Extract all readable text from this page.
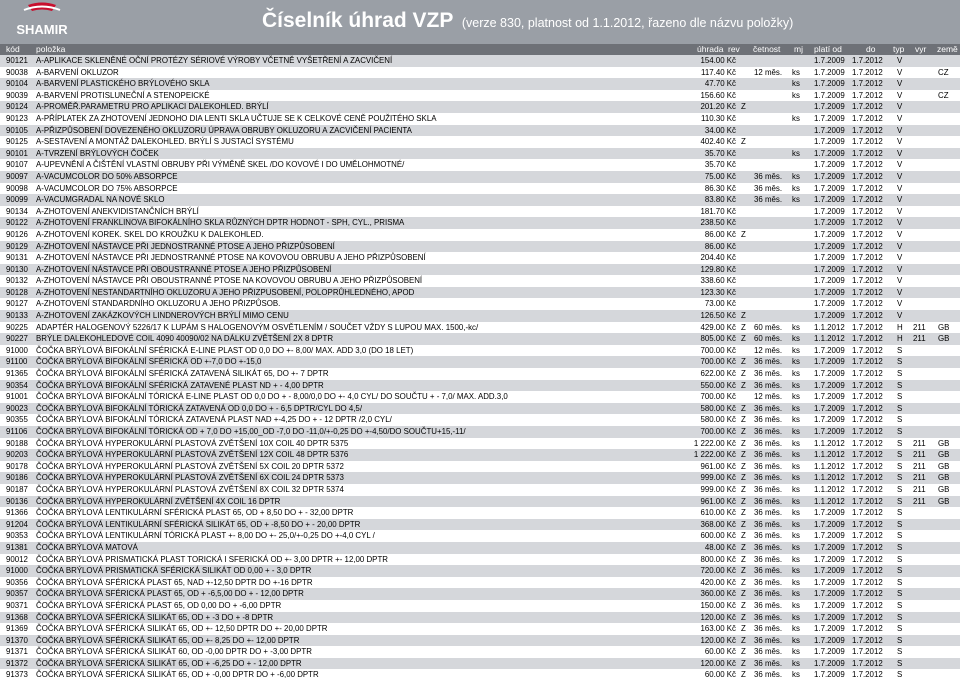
SHAMIR	Číselník úhrad VZP (verze 830, platnost od 1.1.2012, řazeno dle názvu položky)
kód položka	úhrada rev četnost mj platí od	do typ vyr země
90121 A-APLIKACE SKLENĚNÉ OČNÍ PROTÉZY SÉRIOVÉ VÝROBY VČETNĚ VYŠETŘENÍ A ZACVIČENÍ	154.00 Kč	1.7.2009 1.7.2012 V
90038 A-BARVENÍ OKLUZOR	117.40 Kč 12 měs. ks 1.7.2009 1.7.2012 V	CZ
90104 A-BARVENÍ PLASTICKÉHO BRÝLOVÉHO SKLA	47.70 Kč	ks 1.7.2009 1.7.2012 V
90039 A-BARVENÍ PROTISLUNEČNÍ A STENOPEICKÉ	156.60 Kč	ks 1.7.2009 1.7.2012 V	CZ
90124 A-PROMĚŘ.PARAMETRU PRO APLIKACI DALEKOHLED. BRÝLÍ	201.20 Kč Z	1.7.2009 1.7.2012 V
90123 A-PŘÍPLATEK ZA ZHOTOVENÍ JEDNOHO DIA LENTI SKLA UČTUJE SE K CELKOVÉ CENĚ POUŽITÉHO SKLA	110.30 Kč	ks 1.7.2009 1.7.2012 V
90105 A-PŘIZPŮSOBENÍ DOVEZENÉHO OKLUZORU ÚPRAVA OBRUBY OKLUZORU A ZACVIČENÍ PACIENTA	34.00 Kč	1.7.2009 1.7.2012 V
90125 A-SESTAVENÍ A MONTÁŽ DALEKOHLED. BRÝLÍ S JUSTACÍ SYSTÉMU	402.40 Kč Z	1.7.2009 1.7.2012 V
90101 A-TVRZENÍ BRÝLOVÝCH ČOČEK	35.70 Kč	ks 1.7.2009 1.7.2012 V
90107 A-UPEVNĚNÍ A ČIŠTĚNÍ VLASTNÍ OBRUBY PŘI VÝMĚNĚ SKEL /DO KOVOVÉ I DO UMĚLOHMOTNÉ/	35.70 Kč	1.7.2009 1.7.2012 V
90097 A-VACUMCOLOR DO 50% ABSORPCE	75.00 Kč 36 měs. ks 1.7.2009 1.7.2012 V
90098 A-VACUMCOLOR DO 75% ABSORPCE	86.30 Kč 36 měs. ks 1.7.2009 1.7.2012 V
90099 A-VACUMGRADAL NA NOVÉ SKLO	83.80 Kč 36 měs. ks 1.7.2009 1.7.2012 V
90134 A-ZHOTOVENÍ ANEKVIDISTANČNÍCH BRÝLÍ	181.70 Kč	1.7.2009 1.7.2012 V
90122 A-ZHOTOVENÍ FRANKLINOVA BIFOKÁLNÍHO SKLA RŮZNÝCH DPTR HODNOT - SPH, CYL., PRISMA	238.50 Kč	1.7.2009 1.7.2012 V
90126 A-ZHOTOVENÍ KOREK. SKEL DO KROUŽKU K DALEKOHLED.	86.00 Kč Z	1.7.2009 1.7.2012 V
90129 A-ZHOTOVENÍ NÁSTAVCE PŘI JEDNOSTRANNÉ PTOSE A JEHO PŘIZPŮSOBENÍ	86.00 Kč	1.7.2009 1.7.2012 V
90131 A-ZHOTOVENÍ NÁSTAVCE PŘI JEDNOSTRANNÉ PTOSE NA KOVOVOU OBRUBU A JEHO PŘIZPŮSOBENÍ	204.40 Kč	1.7.2009 1.7.2012 V
90130 A-ZHOTOVENÍ NÁSTAVCE PŘI OBOUSTRANNÉ PTOSE A JEHO PŘIZPŮSOBENÍ	129.80 Kč	1.7.2009 1.7.2012 V
90132 A-ZHOTOVENÍ NÁSTAVCE PŘI OBOUSTRANNÉ PTOSE NA KOVOVOU OBRUBU A JEHO PŘIZPŮSOBENÍ	338.60 Kč	1.7.2009 1.7.2012 V
90128 A-ZHOTOVENÍ NESTANDARTNÍHO OKLUZORU A JEHO PŘIZPUSOBENÍ, POLOPRŮHLEDNÉHO, APOD	123.30 Kč	1.7.2009 1.7.2012 V
90127 A-ZHOTOVENÍ STANDARDNÍHO OKLUZORU A JEHO PŘIZPŮSOB.	73.00 Kč	1.7.2009 1.7.2012 V
90133 A-ZHOTOVENÍ ZAKÁZKOVÝCH LINDNEROVÝCH BRÝLÍ MIMO CENU	126.50 Kč Z	1.7.2009 1.7.2012 V
90225 ADAPTÉR HALOGENOVÝ 5226/17 K LUPÁM S HALOGENOVÝM OSVĚTLENÍM / SOUČET VŽDY S LUPOU MAX. 1500,-kc/	429.00 Kč Z 60 měs. ks 1.1.2012 1.7.2012 H 211 GB
90227 BRÝLE DALEKOHLEDOVÉ COIL 4090 40090/02 NA DÁLKU ZVĚTŠENÍ 2X 8 DPTR	805.00 Kč Z 60 měs. ks 1.1.2012 1.7.2012 H 211 GB
91000 ČOČKA BRÝLOVÁ BIFOKÁLNÍ SFÉRICKÁ E-LINE PLAST OD 0,0 DO +- 8,00/ MAX. ADD 3,0 (DO 18 LET)	700.00 Kč 12 měs. ks 1.7.2009 1.7.2012 S
91100 ČOČKA BRÝLOVÁ BIFOKÁLNÍ SFÉRICKÁ OD +-7,0 DO +-15,0	700.00 Kč Z 36 měs. ks 1.7.2009 1.7.2012 S
91365 ČOČKA BRÝLOVÁ BIFOKÁLNÍ SFÉRICKÁ ZATAVENÁ SILIKÁT 65, DO +- 7 DPTR	622.00 Kč Z 36 měs. ks 1.7.2009 1.7.2012 S
90354 ČOČKA BRÝLOVÁ BIFOKÁLNÍ SFÉRICKÁ ZATAVENÉ PLAST ND + - 4,00 DPTR	550.00 Kč Z 36 měs. ks 1.7.2009 1.7.2012 S
91001 ČOČKA BRÝLOVÁ BIFOKÁLNÍ TÓRICKÁ E-LINE PLAST OD 0,0 DO + - 8,00/0,0 DO +- 4,0 CYL/ DO SOUČTU + - 7,0/ MAX. ADD.3,0	700.00 Kč 12 měs. ks 1.7.2009 1.7.2012 S
90023 ČOČKA BRÝLOVÁ BIFOKÁLNÍ TÓRICKÁ ZATAVENÁ OD 0,0 DO + - 6,5 DPTR/CYL DO 4,5/	580.00 Kč Z 36 měs. ks 1.7.2009 1.7.2012 S
90355 ČOČKA BRÝLOVÁ BIFOKÁLNÍ TÓRICKÁ ZATAVENÁ PLAST NAD +-4,25 DO + - 12 DPTR /2,0 CYL/	580.00 Kč Z 36 měs. ks 1.7.2009 1.7.2012 S
91106 ČOČKA BRÝLOVÁ BIFOKÁLNÍ TÓRICKÁ OD + 7,0 DO +15,00_OD -7,0 DO -11,0/+-0,25 DO +-4,50/DO SOUČTU+15,-11/	700.00 Kč Z 36 měs. ks 1.7.2009 1.7.2012 S
90188 ČOČKA BRÝLOVÁ HYPEROKULÁRNÍ PLASTOVÁ ZVĚTŠENÍ 10X COIL 40 DPTR 5375	1 222.00 Kč Z 36 měs. ks 1.1.2012 1.7.2012 S 211 GB
90203 ČOČKA BRÝLOVÁ HYPEROKULÁRNÍ PLASTOVÁ ZVĚTŠENÍ 12X COIL 48 DPTR 5376	1 222.00 Kč Z 36 měs. ks 1.1.2012 1.7.2012 S 211 GB
90178 ČOČKA BRÝLOVÁ HYPEROKULÁRNÍ PLASTOVÁ ZVĚTŠENÍ 5X COIL 20 DPTR 5372	961.00 Kč Z 36 měs. ks 1.1.2012 1.7.2012 S 211 GB
90186 ČOČKA BRÝLOVÁ HYPEROKULÁRNÍ PLASTOVÁ ZVĚTŠENÍ 6X COIL 24 DPTR 5373	999.00 Kč Z 36 měs. ks 1.1.2012 1.7.2012 S 211 GB
90187 ČOČKA BRÝLOVÁ HYPEROKULÁRNÍ PLASTOVÁ ZVĚTŠENÍ 8X COIL 32 DPTR 5374	999.00 Kč Z 36 měs. ks 1.1.2012 1.7.2012 S 211 GB
90136 ČOČKA BRÝLOVÁ HYPEROKULÁRNÍ ZVĚTŠENÍ 4X COIL 16 DPTR	961.00 Kč Z 36 měs. ks 1.1.2012 1.7.2012 S 211 GB
91366 ČOČKA BRÝLOVÁ LENTIKULÁRNÍ SFÉRICKÁ PLAST 65, OD + 8,50 DO + - 32,00 DPTR	610.00 Kč Z 36 měs. ks 1.7.2009 1.7.2012 S
91204 ČOČKA BRÝLOVÁ LENTIKULÁRNÍ SFÉRICKÁ SILIKÁT 65, OD + -8,50 DO + - 20,00 DPTR	368.00 Kč Z 36 měs. ks 1.7.2009 1.7.2012 S
90353 ČOČKA BRÝLOVÁ LENTIKULÁRNÍ TÓRICKÁ PLAST +- 8,00 DO +- 25,0/+-0,25 DO +-4,0 CYL /	600.00 Kč Z 36 měs. ks 1.7.2009 1.7.2012 S
91381 ČOČKA BRÝLOVÁ MATOVÁ	48.00 Kč Z 36 měs. ks 1.7.2009 1.7.2012 S
90012 ČOČKA BRÝLOVÁ PRISMATICKÁ PLAST TORICKÁ I SFERICKÁ OD +- 3,00 DPTR +- 12,00 DPTR	800.00 Kč Z 36 měs. ks 1.7.2009 1.7.2012 S
91000 ČOČKA BRÝLOVÁ PRISMATICKÁ SFÉRICKÁ SILIKÁT OD 0,00 + - 3,0 DPTR	720.00 Kč Z 36 měs. ks 1.7.2009 1.7.2012 S
90356 ČOČKA BRÝLOVÁ SFÉRICKÁ PLAST 65, NAD +-12,50 DPTR DO +-16 DPTR	420.00 Kč Z 36 měs. ks 1.7.2009 1.7.2012 S
90357 ČOČKA BRÝLOVÁ SFÉRICKÁ PLAST 65, OD + -6,5,00 DO + - 12,00 DPTR	360.00 Kč Z 36 měs. ks 1.7.2009 1.7.2012 S
90371 ČOČKA BRÝLOVÁ SFÉRICKÁ PLAST 65, OD 0,00 DO + -6,00 DPTR	150.00 Kč Z 36 měs. ks 1.7.2009 1.7.2012 S
91368 ČOČKA BRÝLOVÁ SFÉRICKÁ SILIKÁT 65, OD + -3 DO + -8 DPTR	120.00 Kč Z 36 měs. ks 1.7.2009 1.7.2012 S
91369 ČOČKA BRÝLOVÁ SFÉRICKÁ SILIKÁT 65, OD +- 12,50 DPTR DO +- 20,00 DPTR	163.00 Kč Z 36 měs. ks 1.7.2009 1.7.2012 S
91370 ČOČKA BRÝLOVÁ SFÉRICKÁ SILIKÁT 65, OD +- 8,25 DO +- 12,00 DPTR	120.00 Kč Z 36 měs. ks 1.7.2009 1.7.2012 S
91371 ČOČKA BRÝLOVÁ SFÉRICKÁ SILIKÁT 60, OD -0,00 DPTR DO + -3,00 DPTR	60.00 Kč Z 36 měs. ks 1.7.2009 1.7.2012 S
91372 ČOČKA BRÝLOVÁ SFÉRICKÁ SILIKÁT 65, OD + -6,25 DO + - 12,00 DPTR	120.00 Kč Z 36 měs. ks 1.7.2009 1.7.2012 S
91373 ČOČKA BRÝLOVÁ SFÉRICKÁ SILIKÁT 65, OD + -0,00 DPTR DO + -6,00 DPTR	60.00 Kč Z 36 měs. ks 1.7.2009 1.7.2012 S
